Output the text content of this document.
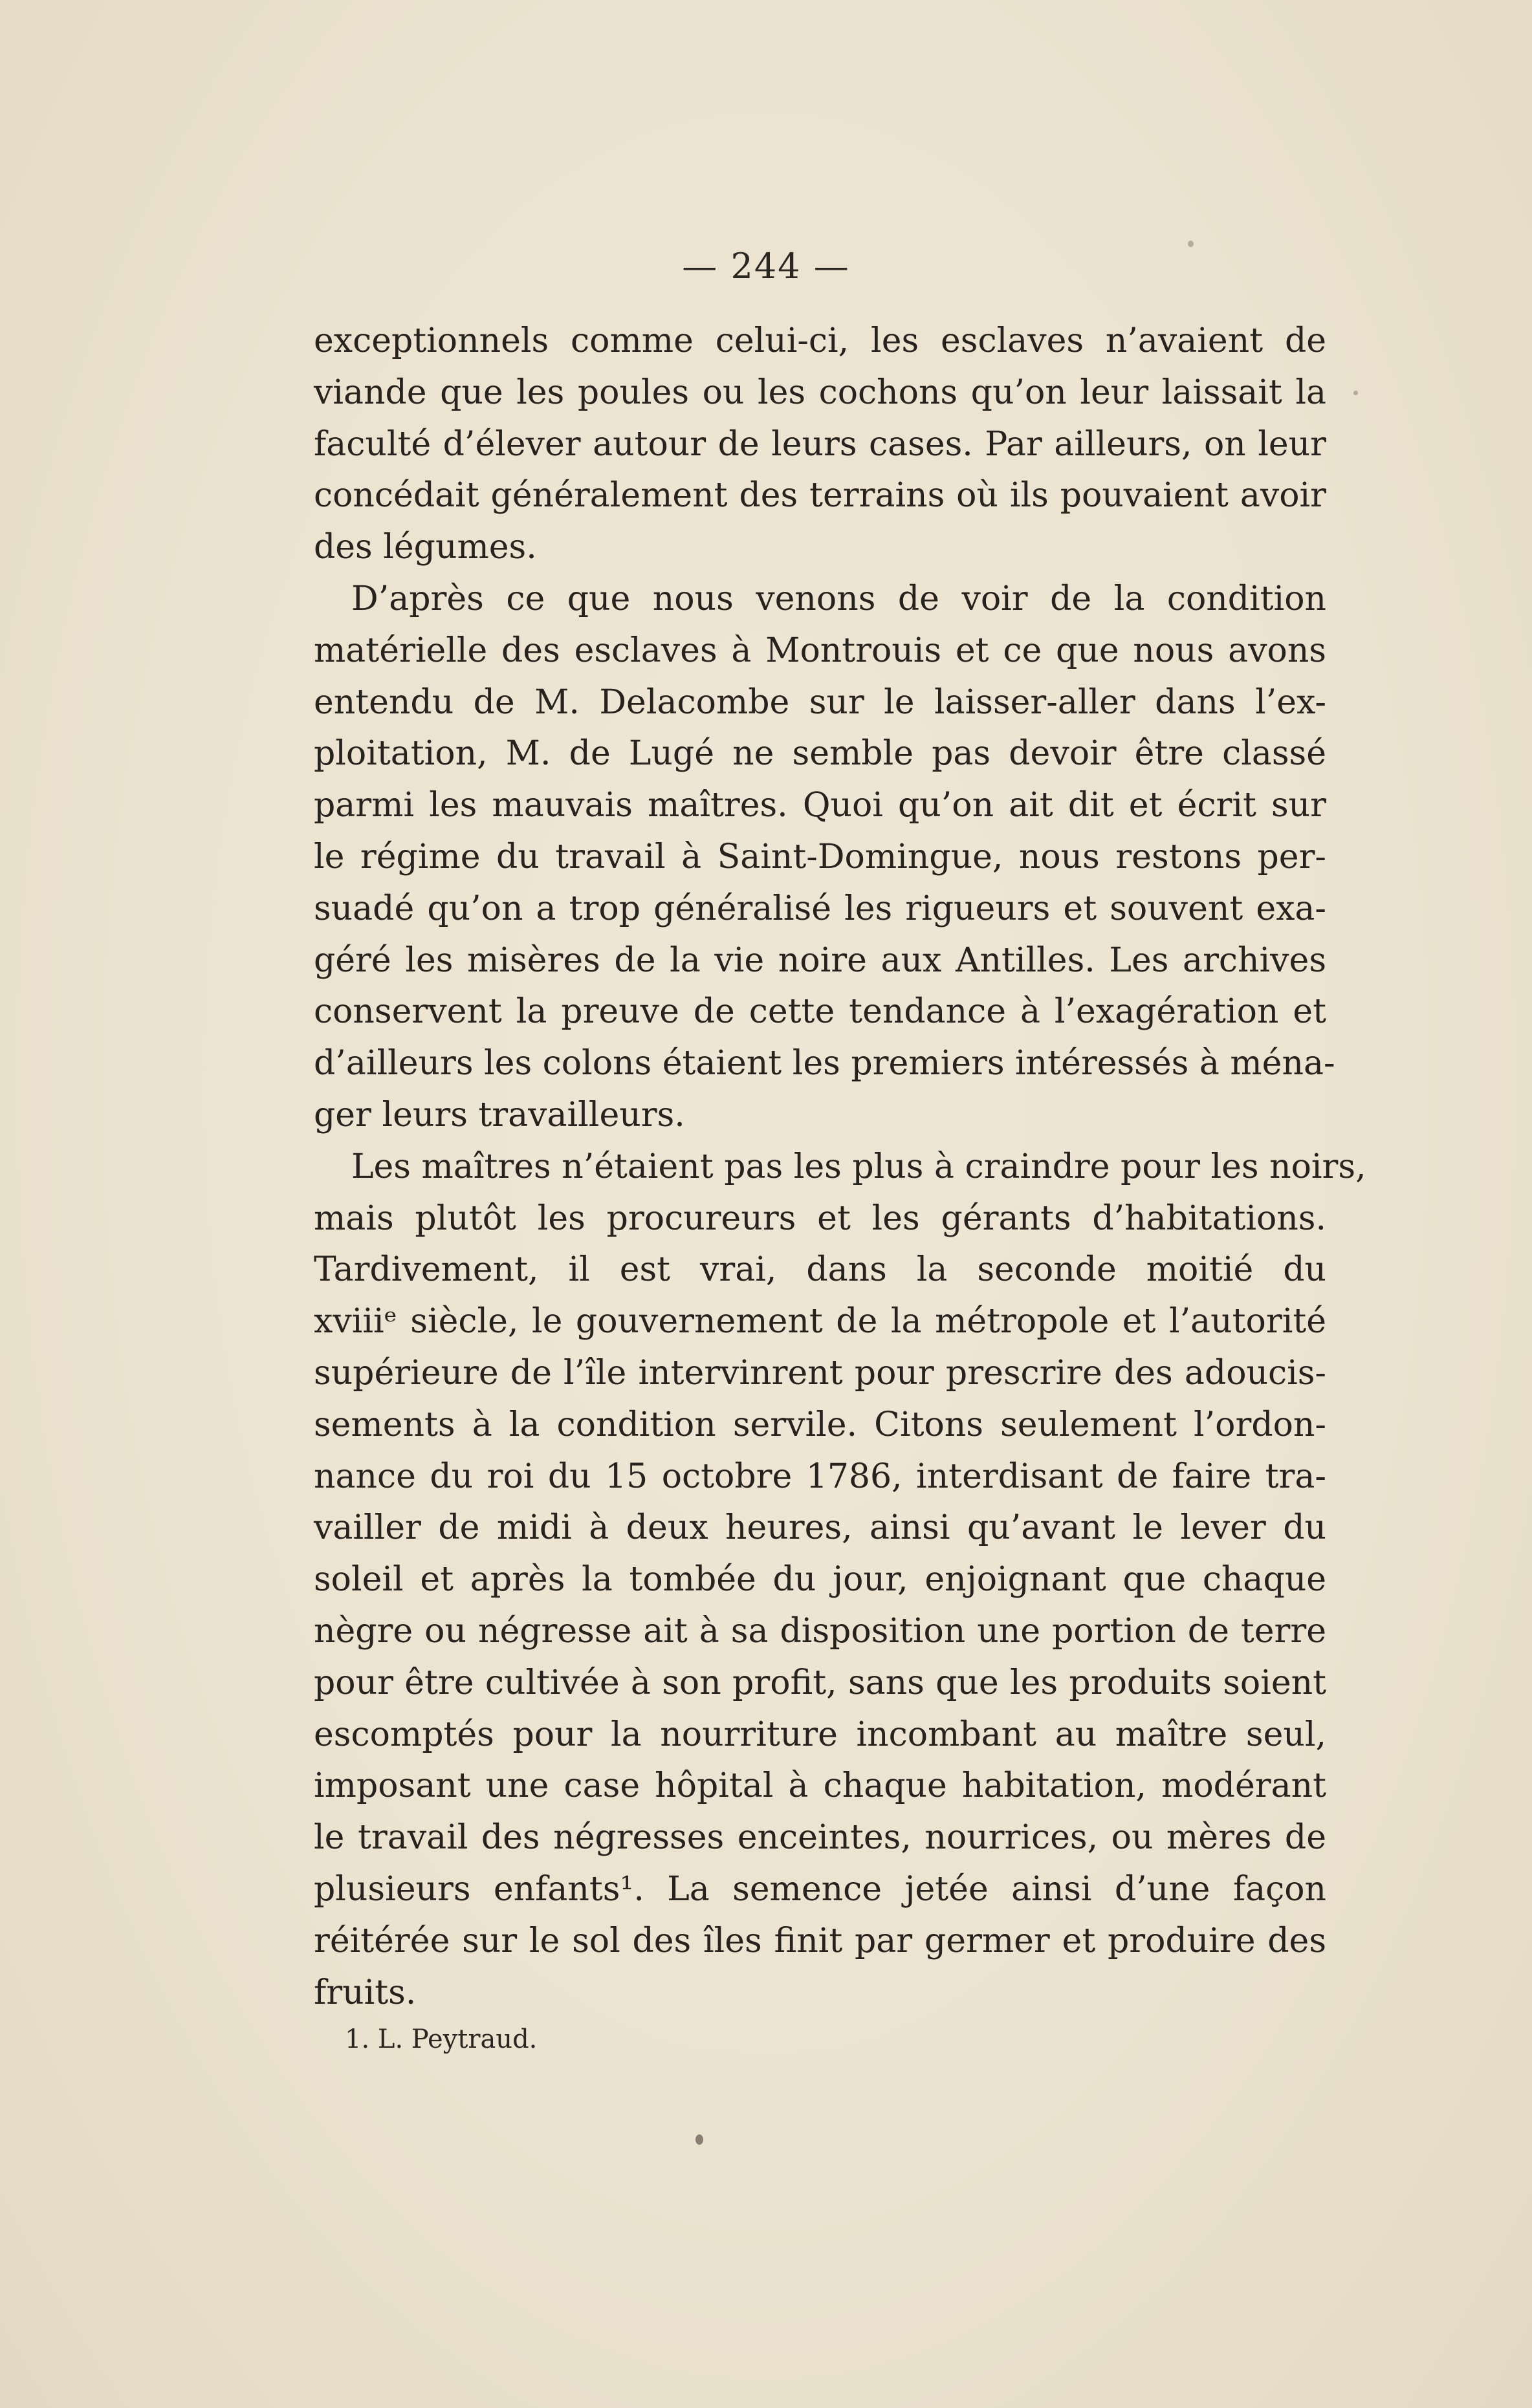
— 244 —
exceptionnels comme celui-ci, les esclaves n’avaient de
viande que les poules ou les cochons qu’on leur laissait la
faculté d’élever autour de leurs cases. Par ailleurs, on leur
concédait généralement des terrains où ils pouvaient avoir
des légumes.
D’après ce que nous venons de voir de la condition
matérielle des esclaves à Montrouis et ce que nous avons
entendu de M. Delacombe sur le laisser-aller dans l’ex-
ploitation, M. de Lugé ne semble pas devoir être classé
parmi les mauvais maîtres. Quoi qu’on ait dit et écrit sur
le régime du travail à Saint-Domingue, nous restons per-
suadé qu’on a trop généralisé les rigueurs et souvent exa-
géré les misères de la vie noire aux Antilles. Les archives
conservent la preuve de cette tendance à l’exagération et
d’ailleurs les colons étaient les premiers intéressés à ména-
ger leurs travailleurs.
Les maîtres n’étaient pas les plus à craindre pour les noirs,
mais plutôt les procureurs et les gérants d’habitations.
Tardivement, il est vrai, dans la seconde moitié du
xviiiᵉ siècle, le gouvernement de la métropole et l’autorité
supérieure de l’île intervinrent pour prescrire des adoucis-
sements à la condition servile. Citons seulement l’ordon-
nance du roi du 15 octobre 1786, interdisant de faire tra-
vailler de midi à deux heures, ainsi qu’avant le lever du
soleil et après la tombée du jour, enjoignant que chaque
nègre ou négresse ait à sa disposition une portion de terre
pour être cultivée à son profit, sans que les produits soient
escomptés pour la nourriture incombant au maître seul,
imposant une case hôpital à chaque habitation, modérant
le travail des négresses enceintes, nourrices, ou mères de
plusieurs enfants¹. La semence jetée ainsi d’une façon
réitérée sur le sol des îles finit par germer et produire des
fruits.
1. L. Peytraud.
